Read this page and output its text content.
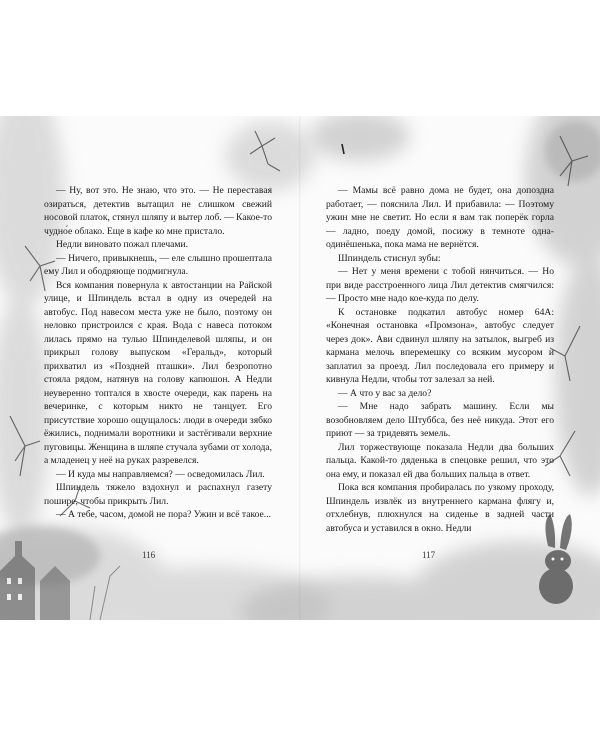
— Ну, вот это. Не знаю, что это. — Не переставая озираться, детектив вытащил не слишком свежий носовой платок, стянул шляпу и вытер лоб. — Какое-то чудно́е облако. Еще в кафе ко мне пристало.

Недли виновато пожал плечами.

— Ничего, привыкнешь, — еле слышно прошептала ему Лил и ободряюще подмигнула.

Вся компания повернула к автостанции на Райской улице, и Шпиндель встал в одну из очередей на автобус. Под навесом места уже не было, поэтому он неловко пристроился с края. Вода с навеса потоком лилась прямо на тулью Шпинделевой шляпы, и он прикрыл голову выпуском «Геральд», который прихватил из «Поздней пташки». Лил безропотно стояла рядом, натянув на голову капюшон. А Недли неуверенно топтался в хвосте очереди, как парень на вечеринке, с которым никто не танцует. Его присутствие хорошо ощущалось: люди в очереди зябко ёжились, поднимали воротники и застёгивали верхние пуговицы. Женщина в шляпе стучала зубами от холода, а младенец у неё на руках разревелся.

— И куда мы направляемся? — осведомилась Лил.

Шпиндель тяжело вздохнул и распахнул газету пошире, чтобы прикрыть Лил.

— А тебе, часом, домой не пора? Ужин и всё такое...

— Мамы всё равно дома не будет, она допоздна работает, — пояснила Лил. И прибавила: — Поэтому ужин мне не светит. Но если я вам так поперёк горла — ладно, поеду домой, посижу в темноте одна-одинёшенька, пока мама не вернётся.

Шпиндель стиснул зубы:

— Нет у меня времени с тобой нянчиться. — Но при виде расстроенного лица Лил детектив смягчился: — Просто мне надо кое-куда по делу.

К остановке подкатил автобус номер 64А: «Конечная остановка «Промзона», автобус следует через док». Ави сдвинул шляпу на затылок, выгреб из кармана мелочь вперемешку со всяким мусором и заплатил за проезд. Лил последовала его примеру и кивнула Недли, чтобы тот залезал за ней.

— А что у вас за дело?

— Мне надо забрать машину. Если мы возобновляем дело Штуббса, без неё никуда. Этот его приют — за тридевять земель.

Лил торжествующе показала Недли два больших пальца. Какой-то дяденька в спецовке решил, что это она ему, и показал ей два больших пальца в ответ.

Пока вся компания пробиралась по узкому проходу, Шпиндель извлёк из внутреннего кармана флягу и, отхлебнув, плюхнулся на сиденье в задней части автобуса и уставился в окно. Недли

116	117
